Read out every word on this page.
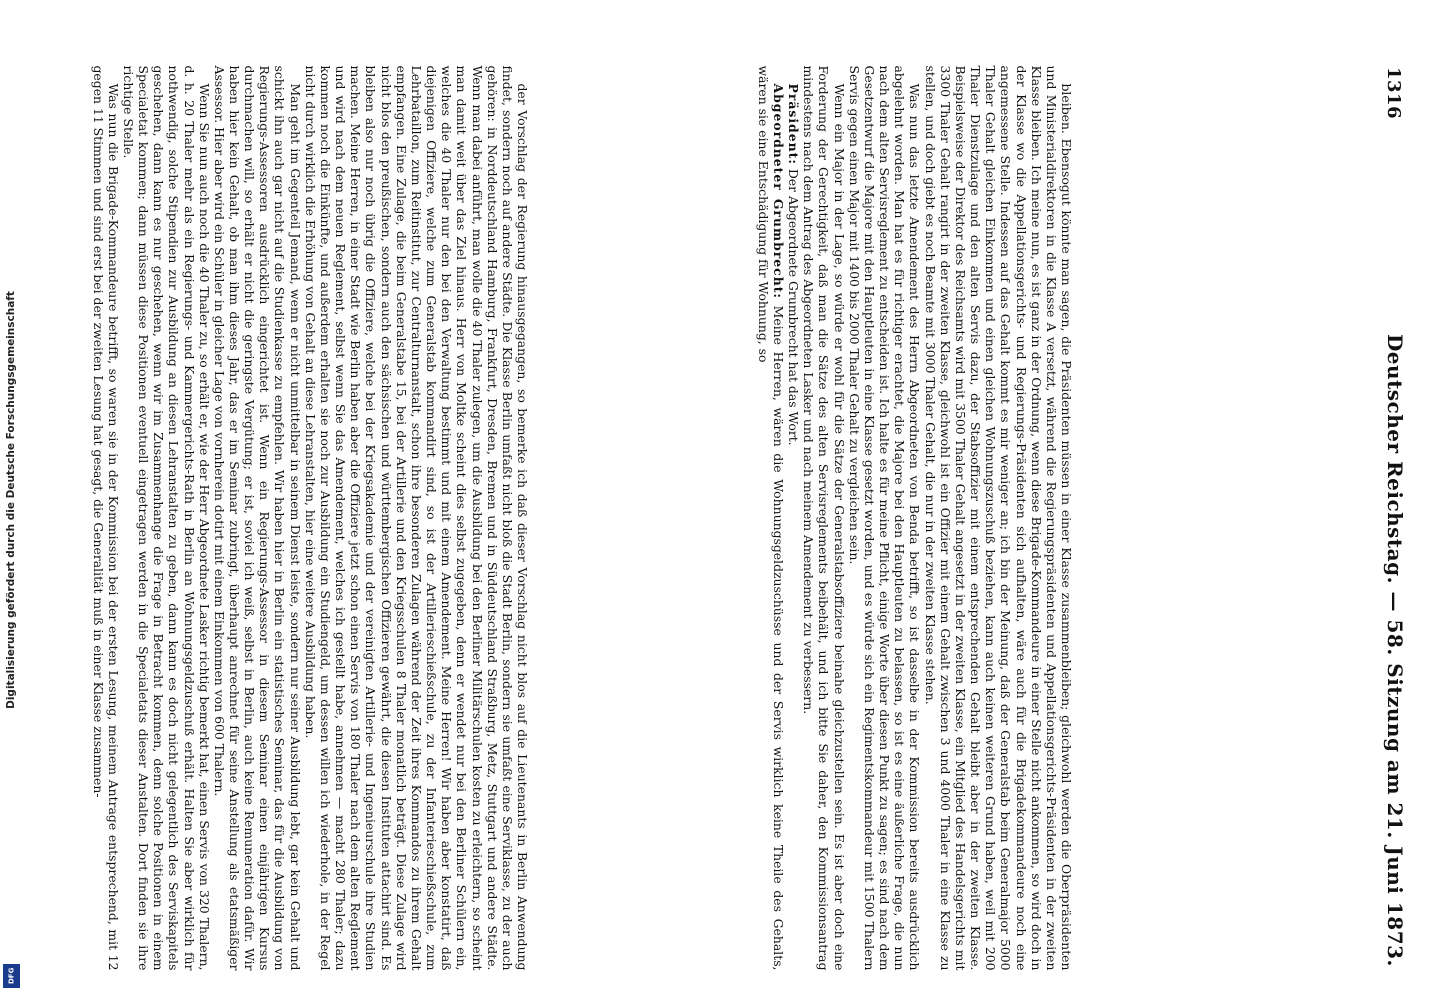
Digitalisierung gefördert durch die Deutsche Forschungsgemeinschaft
DFG
1316
Deutscher Reichstag. — 58. Sitzung am 21. Juni 1873.

bleiben. Ebensogut könnte man sagen, die Präsidenten müssen in einer Klasse zusammenbleiben; gleichwohl werden die Oberpräsidenten und Ministerialdirektoren in die Klasse A versetzt, während die Regierungspräsidenten und Appellationsgerichts-Präsidenten in der zweiten Klasse bleiben. Ich meine nun, es ist ganz in der Ordnung, wenn diese Brigade-Kommandeure in einer Stelle nicht ankommen, so wird doch in der Klasse wo die Appellationsgerichts- und Regierungs-Präsidenten sich aufhalten, wäre auch für die Brigadekommandeure noch eine angemessene Stelle. Indessen auf das Gehalt kommt es mir weniger an; ich bin der Meinung, daß der Generalstab beim Generalmajor 5000 Thaler Gehalt gleichen Einkommen und einen gleichen Wohnungszuschuß beziehen, kann auch keinen weiteren Grund haben, weil mit 200 Thaler Dienstzulage und den alten Servis dazu, der Stabsoffizier mit einem entsprechenden Gehalt bleibt aber in der zweiten Klasse. Beispielsweise der Direktor des Reichsamts wird mit 3500 Thaler Gehalt angesetzt in der zweiten Klasse, ein Mitglied des Handelsgerichts mit 3300 Thaler Gehalt rangirt in der zweiten Klasse, gleichwohl ist ein Offizier mit einem Gehalt zwischen 3 und 4000 Thaler in eine Klasse zu stellen, und doch giebt es noch Beamte mit 3000 Thaler Gehalt, die nur in der zweiten Klasse stehen.

Was nun das letzte Amendement des Herrn Abgeordneten von Benda betrifft, so ist dasselbe in der Kommission bereits ausdrücklich abgelehnt worden. Man hat es für richtiger erachtet, die Majore bei den Hauptleuten zu belassen, so ist es eine äußerliche Frage, die nun nach dem alten Servisreglement zu entscheiden ist. Ich halte es für meine Pflicht, einige Worte über diesen Punkt zu sagen; es sind nach dem Gesetzentwurf die Majore mit den Hauptleuten in eine Klasse gesetzt worden, und es würde sich ein Regimentskommandeur mit 1500 Thalern Servis gegen einen Major mit 1400 bis 2000 Thaler Gehalt zu vergleichen sein.

Wenn ein Major in der Lage, so würde er wohl für die Sätze der Generalstabsoffiziere beinahe gleichzustellen sein. Es ist aber doch eine Forderung der Gerechtigkeit, daß man die Sätze des alten Servisreglements beibehält, und ich bitte Sie daher, den Kommissionsantrag mindestens nach dem Antrag des Abgeordneten Lasker und nach meinem Amendement zu verbessern.

Präsident: Der Abgeordnete Grumbrecht hat das Wort.

Abgeordneter Grumbrecht: Meine Herren, wären die Wohnungsgeldzuschüsse und der Servis wirklich keine Theile des Gehalts, wären sie eine Entschädigung für Wohnung, so

der Vorschlag der Regierung hinausgegangen, so bemerke ich daß dieser Vorschlag nicht blos auf die Lieutenants in Berlin Anwendung findet, sondern noch auf andere Städte. Die Klasse Berlin umfaßt nicht bloß die Stadt Berlin, sondern sie umfaßt eine Serviklasse, zu der auch gehören: in Norddeutschland Hamburg, Frankfurt, Dresden, Bremen und in Süddeutschland Straßburg, Metz, Stuttgart und andere Städte. Wenn man dabei anführt, man wolle die 40 Thaler zulegen, um die Ausbildung bei den Berliner Militärschulen kosten zu erleichtern, so scheint man damit weit über das Ziel hinaus. Herr von Moltke scheint dies selbst zugegeben, denn er wendet nur bei den Berliner Schülern ein, welches die 40 Thaler nur den bei den Verwaltung bestimmt und mit einem Amendement. Meine Herren! Wir haben aber konstatirt, daß diejenigen Offiziere, welche zum Generalstab kommandirt sind, so ist der Artillerieschießschule, zu der Infanterieschießschule, zum Lehrbataillon, zum Reitinstitut, zur Centralturnanstalt, schon ihre besonderen Zulagen während der Zeit ihres Kommandos zu ihrem Gehalt empfangen. Eine Zulage, die beim Generalstabe 15, bei der Artillerie und den Kriegsschulen 8 Thaler monatlich beträgt. Diese Zulage wird nicht blos den preußischen, sondern auch den sächsischen und württembergischen Offizieren gewährt, die diesen Instituten attachirt sind. Es bleiben also nur noch übrig die Offiziere, welche bei der Kriegsakademie und der vereinigten Artillerie- und Ingenieurschule ihre Studien machen. Meine Herren, in einer Stadt wie Berlin haben aber die Offiziere jetzt schon einen Servis von 180 Thaler nach dem alten Reglement und wird nach dem neuen Reglement, selbst wenn Sie das Amendement, welches ich gestellt habe, annehmen — macht 280 Thaler; dazu kommen noch die Einkünfte, und außerdem erhalten sie noch zur Ausbildung ein Studiengeld, um dessen willen ich wiederhole, in der Regel nicht durch wirklich die Erhöhung von Gehalt an diese Lehranstalten, hier eine weitere Ausbildung haben.

Man geht im Gegenteil Jemand, wenn er nicht unmittelbar in seinem Dienst leiste, sondern nur seiner Ausbildung lebt, gar kein Gehalt und schickt ihn auch gar nicht auf die Studienkasse zu empfehlen. Wir haben hier in Berlin ein statistisches Seminar, das für die Ausbildung von Regierungs-Assessoren ausdrücklich eingerichtet ist. Wenn ein Regierungs-Assessor in diesem Seminar einen einjährigen Kursus durchmachen will, so erhält er nicht die geringste Vergütung; er ist, soviel ich weiß, selbst in Berlin, auch keine Remuneration dafür. Wir haben hier kein Gehalt, ob man ihm dieses Jahr, das er im Seminar zubringt, überhaupt anrechnet für seine Anstellung als etatsmäßiger Assessor. Hier aber wird ein Schüler in gleicher Lage von vornherein dotirt mit einem Einkommen von 600 Thalern.

Wenn Sie nun auch noch die 40 Thaler zu, so erhält er, wie der Herr Abgeordnete Lasker richtig bemerkt hat, einen Servis von 320 Thalern, d. h. 20 Thaler mehr als ein Regierungs- und Kammergerichts-Rath in Berlin an Wohnungsgeldzuschuß erhält. Halten Sie aber wirklich für nothwendig, solche Stipendien zur Ausbildung an diesen Lehranstalten zu geben, dann kann es doch nicht gelegentlich des Serviskapitels geschehen, dann kann es nur geschehen, wenn wir im Zusammenhange die Frage in Betracht kommen, denn solche Positionen in einem Specialetat kommen; dann müssen diese Positionen eventuell eingetragen werden in die Specialetats dieser Anstalten. Dort finden sie ihre richtige Stelle.

Was nun die Brigade-Kommandeure betrifft, so waren sie in der Kommission bei der ersten Lesung, meinem Antrage entsprechend, mit 12 gegen 11 Stimmen und sind erst bei der zweiten Lesung hat gesagt, die Generalität muß in einer Klasse zusammen-
